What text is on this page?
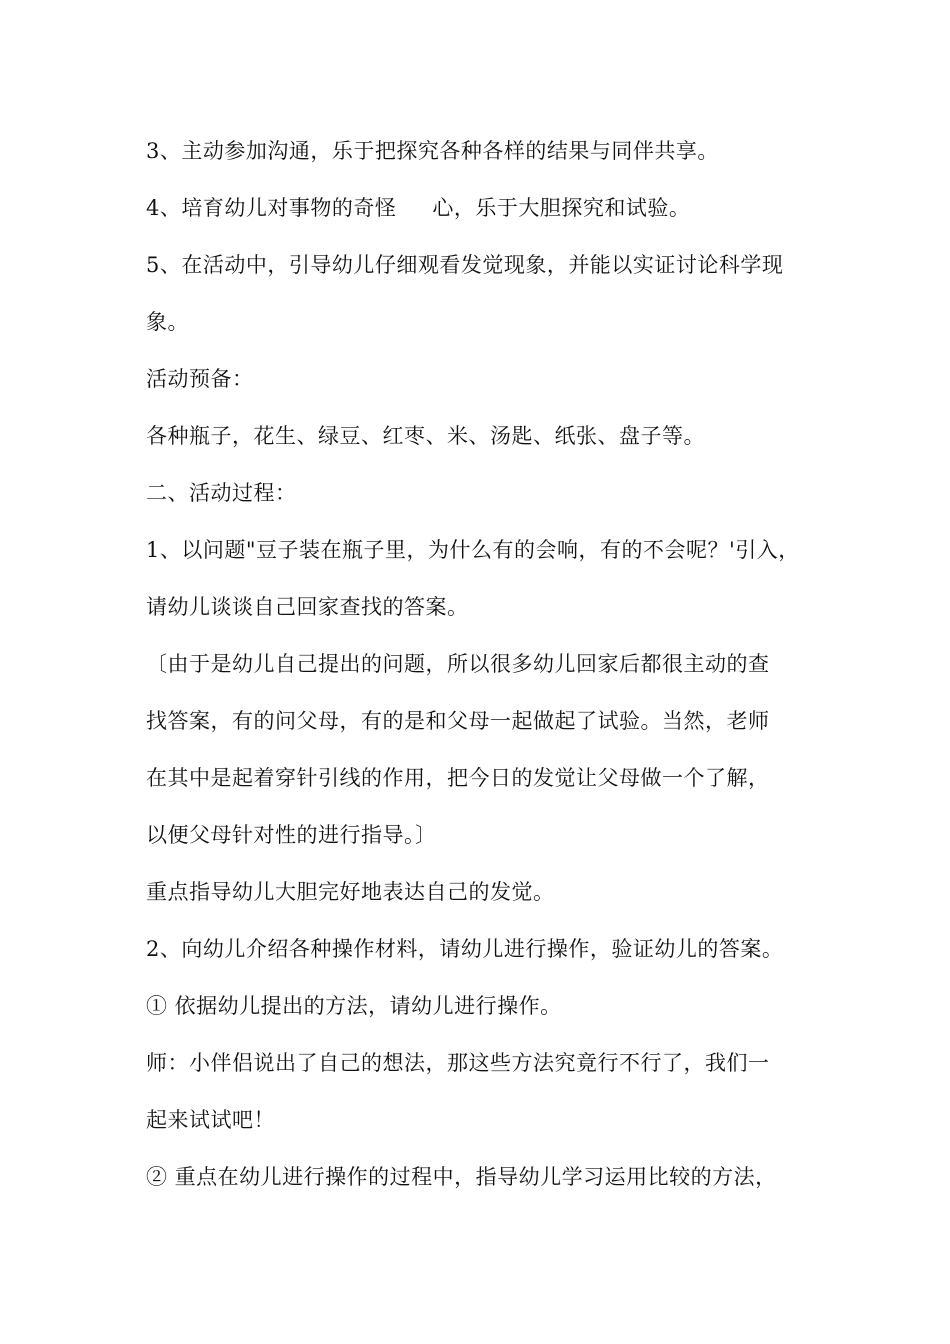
3、主动参加沟通，乐于把探究各种各样的结果与同伴共享。
4、培育幼儿对事物的奇怪 心，乐于大胆探究和试验。
5、在活动中，引导幼儿仔细观看发觉现象，并能以实证讨论科学现
象。
活动预备：
各种瓶子，花生、绿豆、红枣、米、汤匙、纸张、盘子等。
二、活动过程：
1、以问题"豆子装在瓶子里，为什么有的会响，有的不会呢？'引入，
请幼儿谈谈自己回家查找的答案。
〔由于是幼儿自己提出的问题，所以很多幼儿回家后都很主动的查
找答案，有的问父母，有的是和父母一起做起了试验。当然，老师
在其中是起着穿针引线的作用，把今日的发觉让父母做一个了解，
以便父母针对性的进行指导。〕
重点指导幼儿大胆完好地表达自己的发觉。
2、向幼儿介绍各种操作材料，请幼儿进行操作，验证幼儿的答案。
① 依据幼儿提出的方法，请幼儿进行操作。
师：小伴侣说出了自己的想法，那这些方法究竟行不行了，我们一
起来试试吧！
② 重点在幼儿进行操作的过程中，指导幼儿学习运用比较的方法，
